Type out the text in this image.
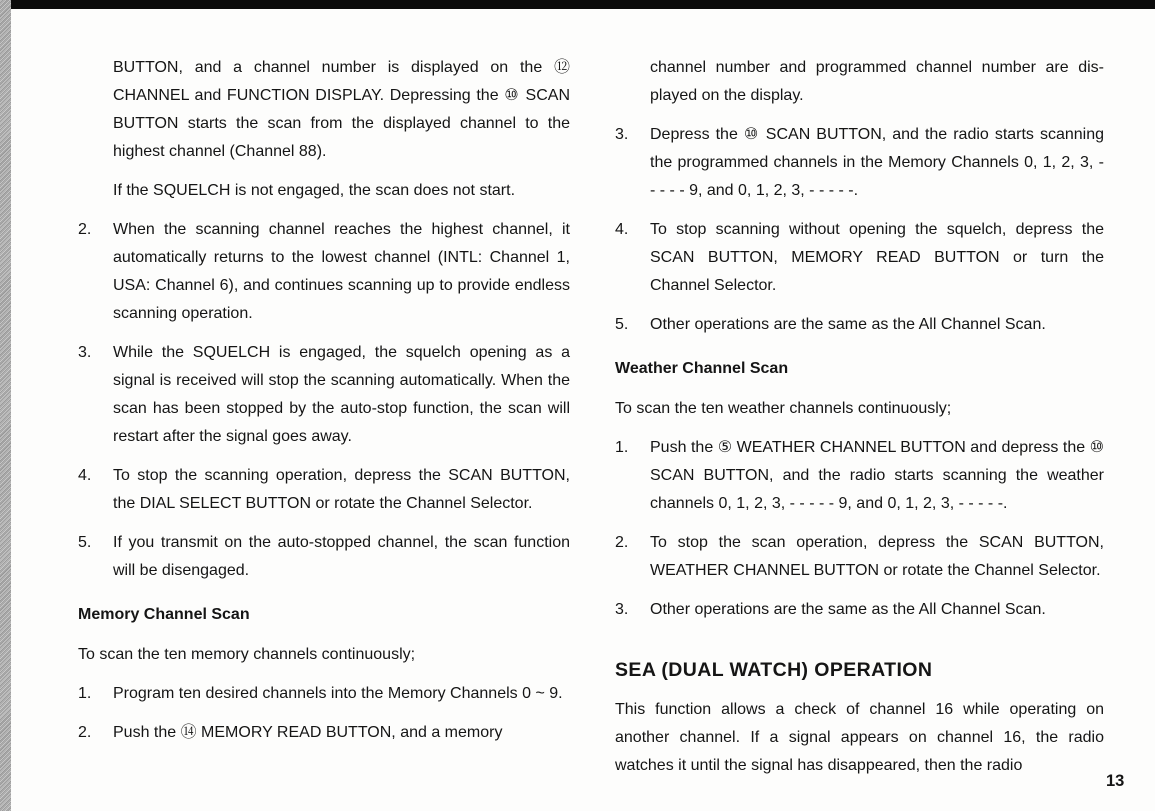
BUTTON, and a channel number is displayed on the ⑫ CHANNEL and FUNCTION DISPLAY. Depressing the ⑩ SCAN BUTTON starts the scan from the displayed channel to the highest channel (Channel 88).

If the SQUELCH is not engaged, the scan does not start.

2.	When the scanning channel reaches the highest channel, it automatically returns to the lowest channel (INTL: Channel 1, USA: Channel 6), and continues scanning up to provide endless scanning operation.

3.	While the SQUELCH is engaged, the squelch opening as a signal is received will stop the scanning automatically. When the scan has been stopped by the auto-stop function, the scan will restart after the signal goes away.

4.	To stop the scanning operation, depress the SCAN BUTTON, the DIAL SELECT BUTTON or rotate the Channel Selector.

5.	If you transmit on the auto-stopped channel, the scan function will be disengaged.

Memory Channel Scan

To scan the ten memory channels continuously;

1.	Program ten desired channels into the Memory Channels 0 ~ 9.

2.	Push the ⑭ MEMORY READ BUTTON, and a memory

channel number and programmed channel number are displayed on the display.

3.	Depress the ⑩ SCAN BUTTON, and the radio starts scanning the programmed channels in the Memory Channels 0, 1, 2, 3, - - - - - 9, and 0, 1, 2, 3, - - - - -.

4.	To stop scanning without opening the squelch, depress the SCAN BUTTON, MEMORY READ BUTTON or turn the Channel Selector.

5.	Other operations are the same as the All Channel Scan.

Weather Channel Scan

To scan the ten weather channels continuously;

1.	Push the ⑤ WEATHER CHANNEL BUTTON and depress the ⑩ SCAN BUTTON, and the radio starts scanning the weather channels 0, 1, 2, 3, - - - - - 9, and 0, 1, 2, 3, - - - - -.

2.	To stop the scan operation, depress the SCAN BUTTON, WEATHER CHANNEL BUTTON or rotate the Channel Selector.

3.	Other operations are the same as the All Channel Scan.

SEA (DUAL WATCH) OPERATION

This function allows a check of channel 16 while operating on another channel. If a signal appears on channel 16, the radio watches it until the signal has disappeared, then the radio

13
